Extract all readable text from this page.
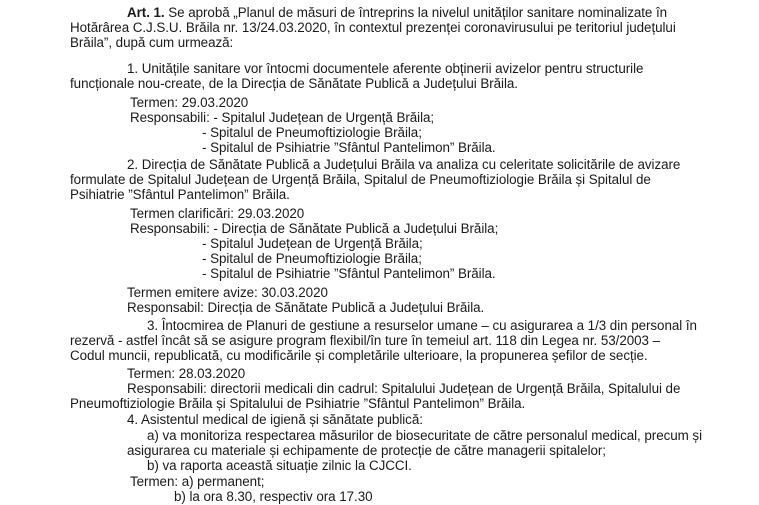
Art. 1. Se aprobă „Planul de măsuri de întreprins la nivelul unităților sanitare nominalizate în
Hotărârea C.J.S.U. Brăila nr. 13/24.03.2020, în contextul prezenței coronavirusului pe teritoriul județului
Brăila”, după cum urmează:
1. Unitățile sanitare vor întocmi documentele aferente obținerii avizelor pentru structurile
funcționale nou-create, de la Direcția de Sănătate Publică a Județului Brăila.
Termen: 29.03.2020
Responsabili: - Spitalul Județean de Urgență Brăila;
- Spitalul de Pneumoftiziologie Brăila;
- Spitalul de Psihiatrie ”Sfântul Pantelimon” Brăila.
2. Direcția de Sănătate Publică a Județului Brăila va analiza cu celeritate solicitările de avizare
formulate de Spitalul Județean de Urgență Brăila, Spitalul de Pneumoftiziologie Brăila și Spitalul de
Psihiatrie ”Sfântul Pantelimon” Brăila.
Termen clarificări: 29.03.2020
Responsabili: - Direcția de Sănătate Publică a Județului Brăila;
- Spitalul Județean de Urgență Brăila;
- Spitalul de Pneumoftiziologie Brăila;
- Spitalul de Psihiatrie ”Sfântul Pantelimon” Brăila.
Termen emitere avize: 30.03.2020
Responsabil: Direcția de Sănătate Publică a Județului Brăila.
3. Întocmirea de Planuri de gestiune a resurselor umane – cu asigurarea a 1/3 din personal în
rezervă - astfel încât să se asigure program flexibil/în ture în temeiul art. 118 din Legea nr. 53/2003 –
Codul muncii, republicată, cu modificările și completările ulterioare, la propunerea șefilor de secție.
Termen: 28.03.2020
Responsabili: directorii medicali din cadrul: Spitalului Județean de Urgență Brăila, Spitalului de
Pneumoftiziologie Brăila și Spitalului de Psihiatrie ”Sfântul Pantelimon” Brăila.
4. Asistentul medical de igienă și sănătate publică:
a) va monitoriza respectarea măsurilor de biosecuritate de către personalul medical, precum și
asigurarea cu materiale și echipamente de protecție de către managerii spitalelor;
b) va raporta această situație zilnic la CJCCI.
Termen: a) permanent;
b) la ora 8.30, respectiv ora 17.30
